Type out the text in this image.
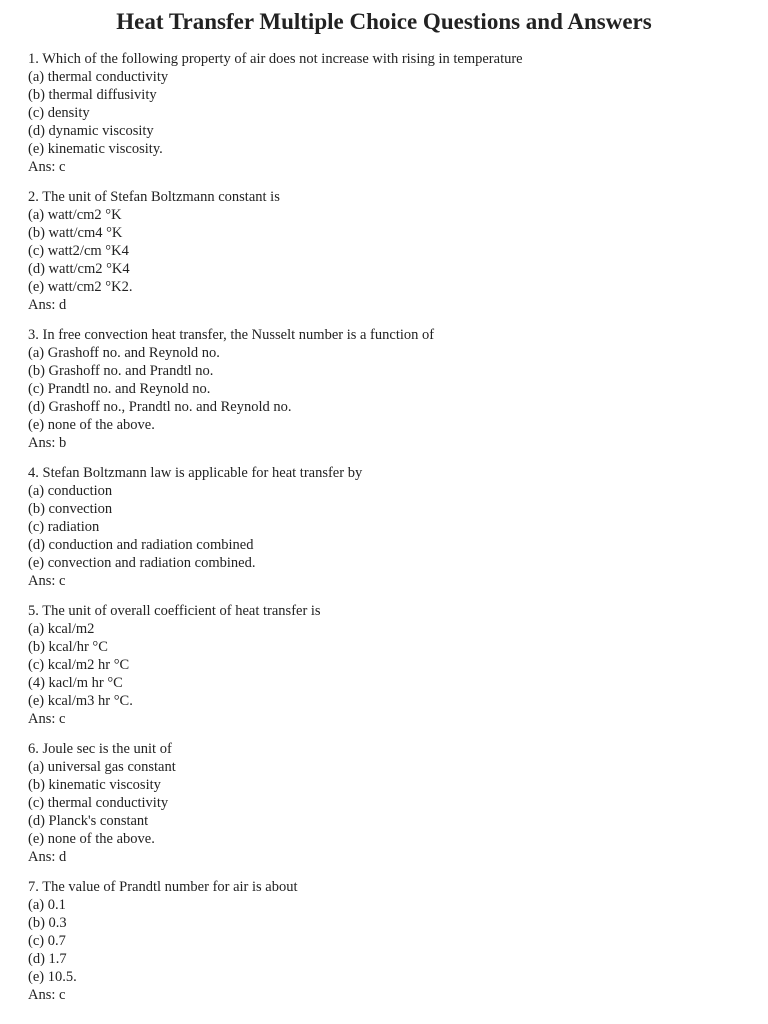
Heat Transfer Multiple Choice Questions and Answers
1. Which of the following property of air does not increase with rising in temperature
(a) thermal conductivity
(b) thermal diffusivity
(c) density
(d) dynamic viscosity
(e) kinematic viscosity.
Ans: c
2. The unit of Stefan Boltzmann constant is
(a) watt/cm2 °K
(b) watt/cm4 °K
(c) watt2/cm °K4
(d) watt/cm2 °K4
(e) watt/cm2 °K2.
Ans: d
3. In free convection heat transfer, the Nusselt number is a function of
(a) Grashoff no. and Reynold no.
(b) Grashoff no. and Prandtl no.
(c) Prandtl no. and Reynold no.
(d) Grashoff no., Prandtl no. and Reynold no.
(e) none of the above.
Ans: b
4. Stefan Boltzmann law is applicable for heat transfer by
(a) conduction
(b) convection
(c) radiation
(d) conduction and radiation combined
(e) convection and radiation combined.
Ans: c
5. The unit of overall coefficient of heat transfer is
(a) kcal/m2
(b) kcal/hr °C
(c) kcal/m2 hr °C
(4) kacl/m hr °C
(e) kcal/m3 hr °C.
Ans: c
6. Joule sec is the unit of
(a) universal gas constant
(b) kinematic viscosity
(c) thermal conductivity
(d) Planck's constant
(e) none of the above.
Ans: d
7. The value of Prandtl number for air is about
(a) 0.1
(b) 0.3
(c) 0.7
(d) 1.7
(e) 10.5.
Ans: c
